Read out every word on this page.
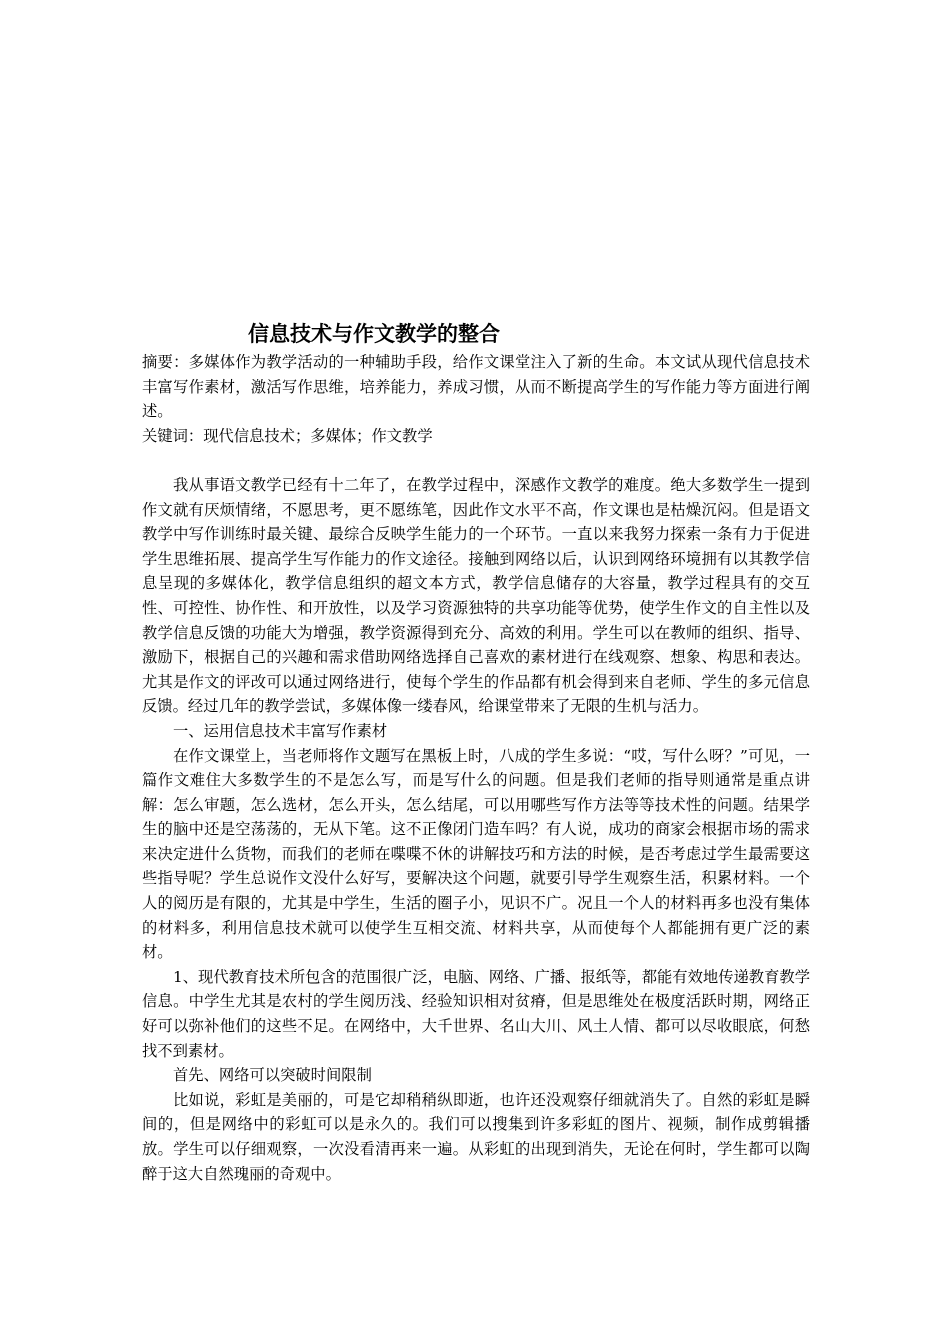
信息技术与作文教学的整合

摘要：多媒体作为教学活动的一种辅助手段，给作文课堂注入了新的生命。本文试从现代信息技术丰富写作素材，激活写作思维，培养能力，养成习惯，从而不断提高学生的写作能力等方面进行阐述。

关键词：现代信息技术；多媒体；作文教学

我从事语文教学已经有十二年了，在教学过程中，深感作文教学的难度。绝大多数学生一提到作文就有厌烦情绪，不愿思考，更不愿练笔，因此作文水平不高，作文课也是枯燥沉闷。但是语文教学中写作训练时最关键、最综合反映学生能力的一个环节。一直以来我努力探索一条有力于促进学生思维拓展、提高学生写作能力的作文途径。接触到网络以后，认识到网络环境拥有以其教学信息呈现的多媒体化，教学信息组织的超文本方式，教学信息储存的大容量，教学过程具有的交互性、可控性、协作性、和开放性，以及学习资源独特的共享功能等优势，使学生作文的自主性以及教学信息反馈的功能大为增强，教学资源得到充分、高效的利用。学生可以在教师的组织、指导、激励下，根据自己的兴趣和需求借助网络选择自己喜欢的素材进行在线观察、想象、构思和表达。尤其是作文的评改可以通过网络进行，使每个学生的作品都有机会得到来自老师、学生的多元信息反馈。经过几年的教学尝试，多媒体像一缕春风，给课堂带来了无限的生机与活力。

一、运用信息技术丰富写作素材

在作文课堂上，当老师将作文题写在黑板上时，八成的学生多说：“哎，写什么呀？”可见，一篇作文难住大多数学生的不是怎么写，而是写什么的问题。但是我们老师的指导则通常是重点讲解：怎么审题，怎么选材，怎么开头，怎么结尾，可以用哪些写作方法等等技术性的问题。结果学生的脑中还是空荡荡的，无从下笔。这不正像闭门造车吗？有人说，成功的商家会根据市场的需求来决定进什么货物，而我们的老师在喋喋不休的讲解技巧和方法的时候，是否考虑过学生最需要这些指导呢？学生总说作文没什么好写，要解决这个问题，就要引导学生观察生活，积累材料。一个人的阅历是有限的，尤其是中学生，生活的圈子小，见识不广。况且一个人的材料再多也没有集体的材料多，利用信息技术就可以使学生互相交流、材料共享，从而使每个人都能拥有更广泛的素材。

1、现代教育技术所包含的范围很广泛，电脑、网络、广播、报纸等，都能有效地传递教育教学信息。中学生尤其是农村的学生阅历浅、经验知识相对贫瘠，但是思维处在极度活跃时期，网络正好可以弥补他们的这些不足。在网络中，大千世界、名山大川、风土人情、都可以尽收眼底，何愁找不到素材。

首先、网络可以突破时间限制

比如说，彩虹是美丽的，可是它却稍稍纵即逝，也许还没观察仔细就消失了。自然的彩虹是瞬间的，但是网络中的彩虹可以是永久的。我们可以搜集到许多彩虹的图片、视频，制作成剪辑播放。学生可以仔细观察，一次没看清再来一遍。从彩虹的出现到消失，无论在何时，学生都可以陶醉于这大自然瑰丽的奇观中。
